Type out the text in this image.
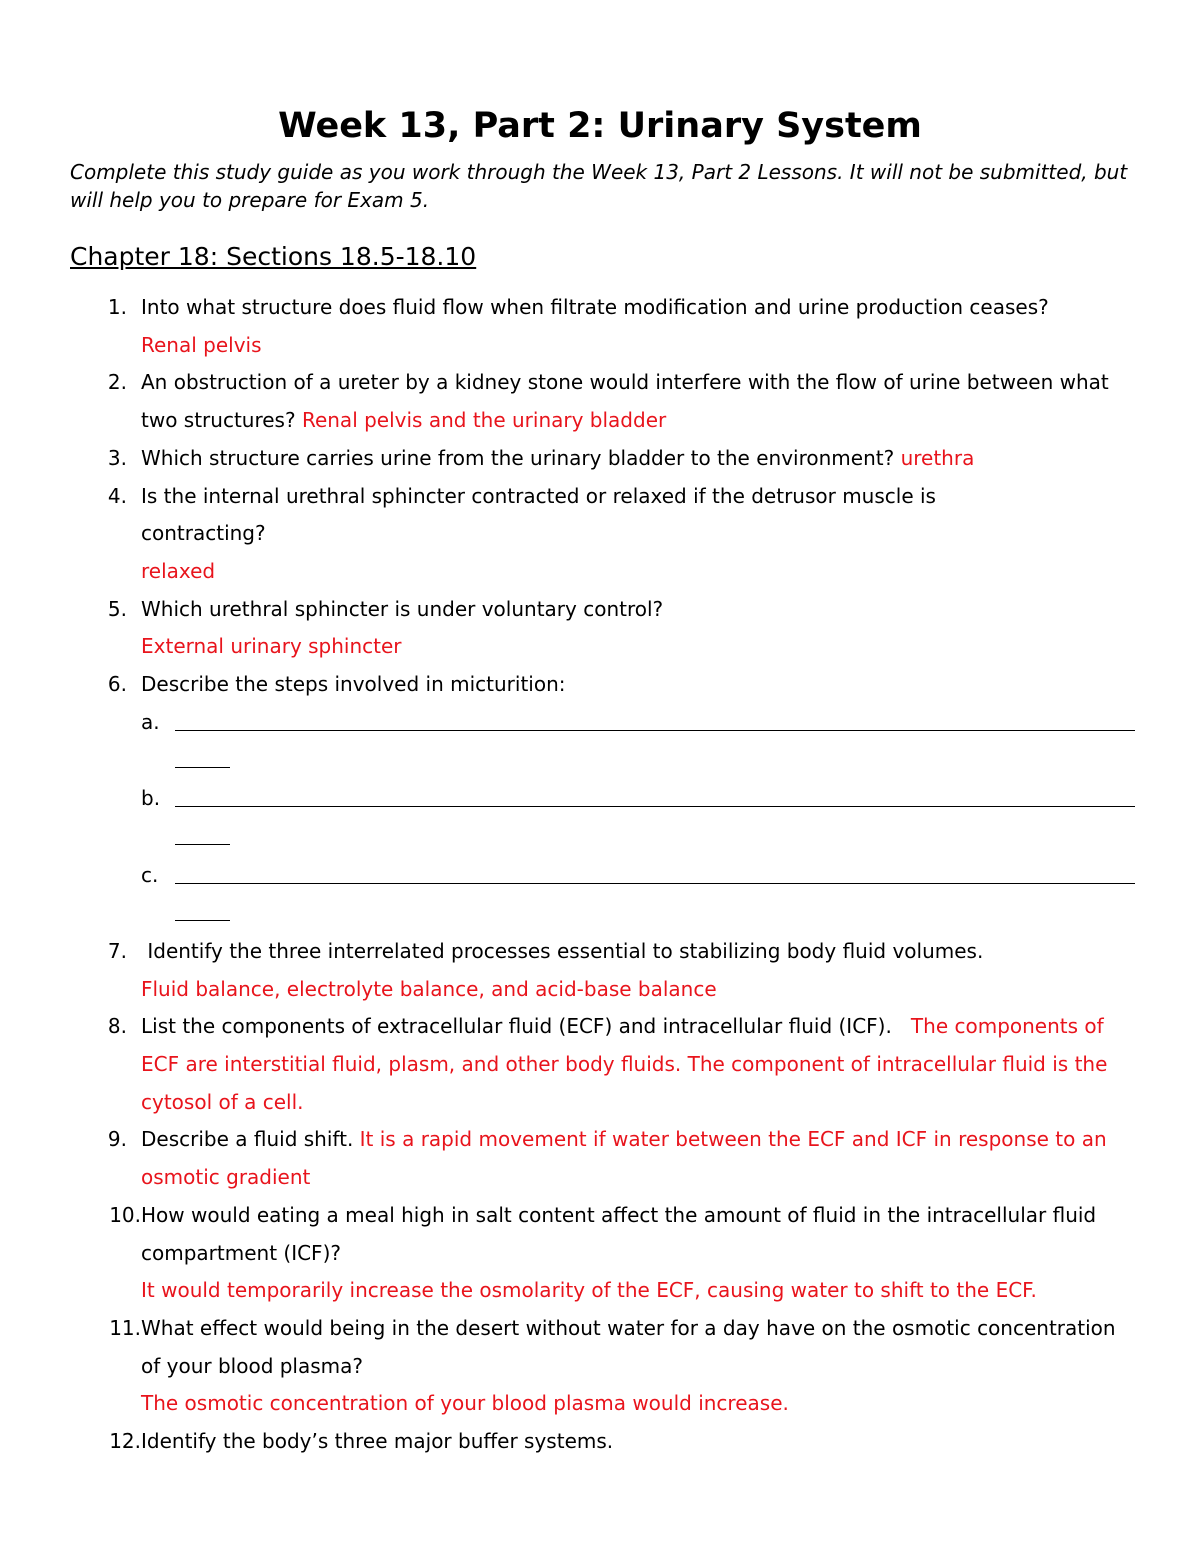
Week 13, Part 2: Urinary System
Complete this study guide as you work through the Week 13, Part 2 Lessons. It will not be submitted, but will help you to prepare for Exam 5.
Chapter 18: Sections 18.5-18.10
1. Into what structure does fluid flow when filtrate modification and urine production ceases?
Renal pelvis
2. An obstruction of a ureter by a kidney stone would interfere with the flow of urine between what two structures? Renal pelvis and the urinary bladder
3. Which structure carries urine from the urinary bladder to the environment? urethra
4. Is the internal urethral sphincter contracted or relaxed if the detrusor muscle is contracting?
relaxed
5. Which urethral sphincter is under voluntary control?
External urinary sphincter
6. Describe the steps involved in micturition:
a.
b.
c.
7. Identify the three interrelated processes essential to stabilizing body fluid volumes.
Fluid balance, electrolyte balance, and acid-base balance
8. List the components of extracellular fluid (ECF) and intracellular fluid (ICF). The components of ECF are interstitial fluid, plasm, and other body fluids. The component of intracellular fluid is the cytosol of a cell.
9. Describe a fluid shift. It is a rapid movement if water between the ECF and ICF in response to an osmotic gradient
10. How would eating a meal high in salt content affect the amount of fluid in the intracellular fluid compartment (ICF)?
It would temporarily increase the osmolarity of the ECF, causing water to shift to the ECF.
11. What effect would being in the desert without water for a day have on the osmotic concentration of your blood plasma?
The osmotic concentration of your blood plasma would increase.
12. Identify the body’s three major buffer systems.
